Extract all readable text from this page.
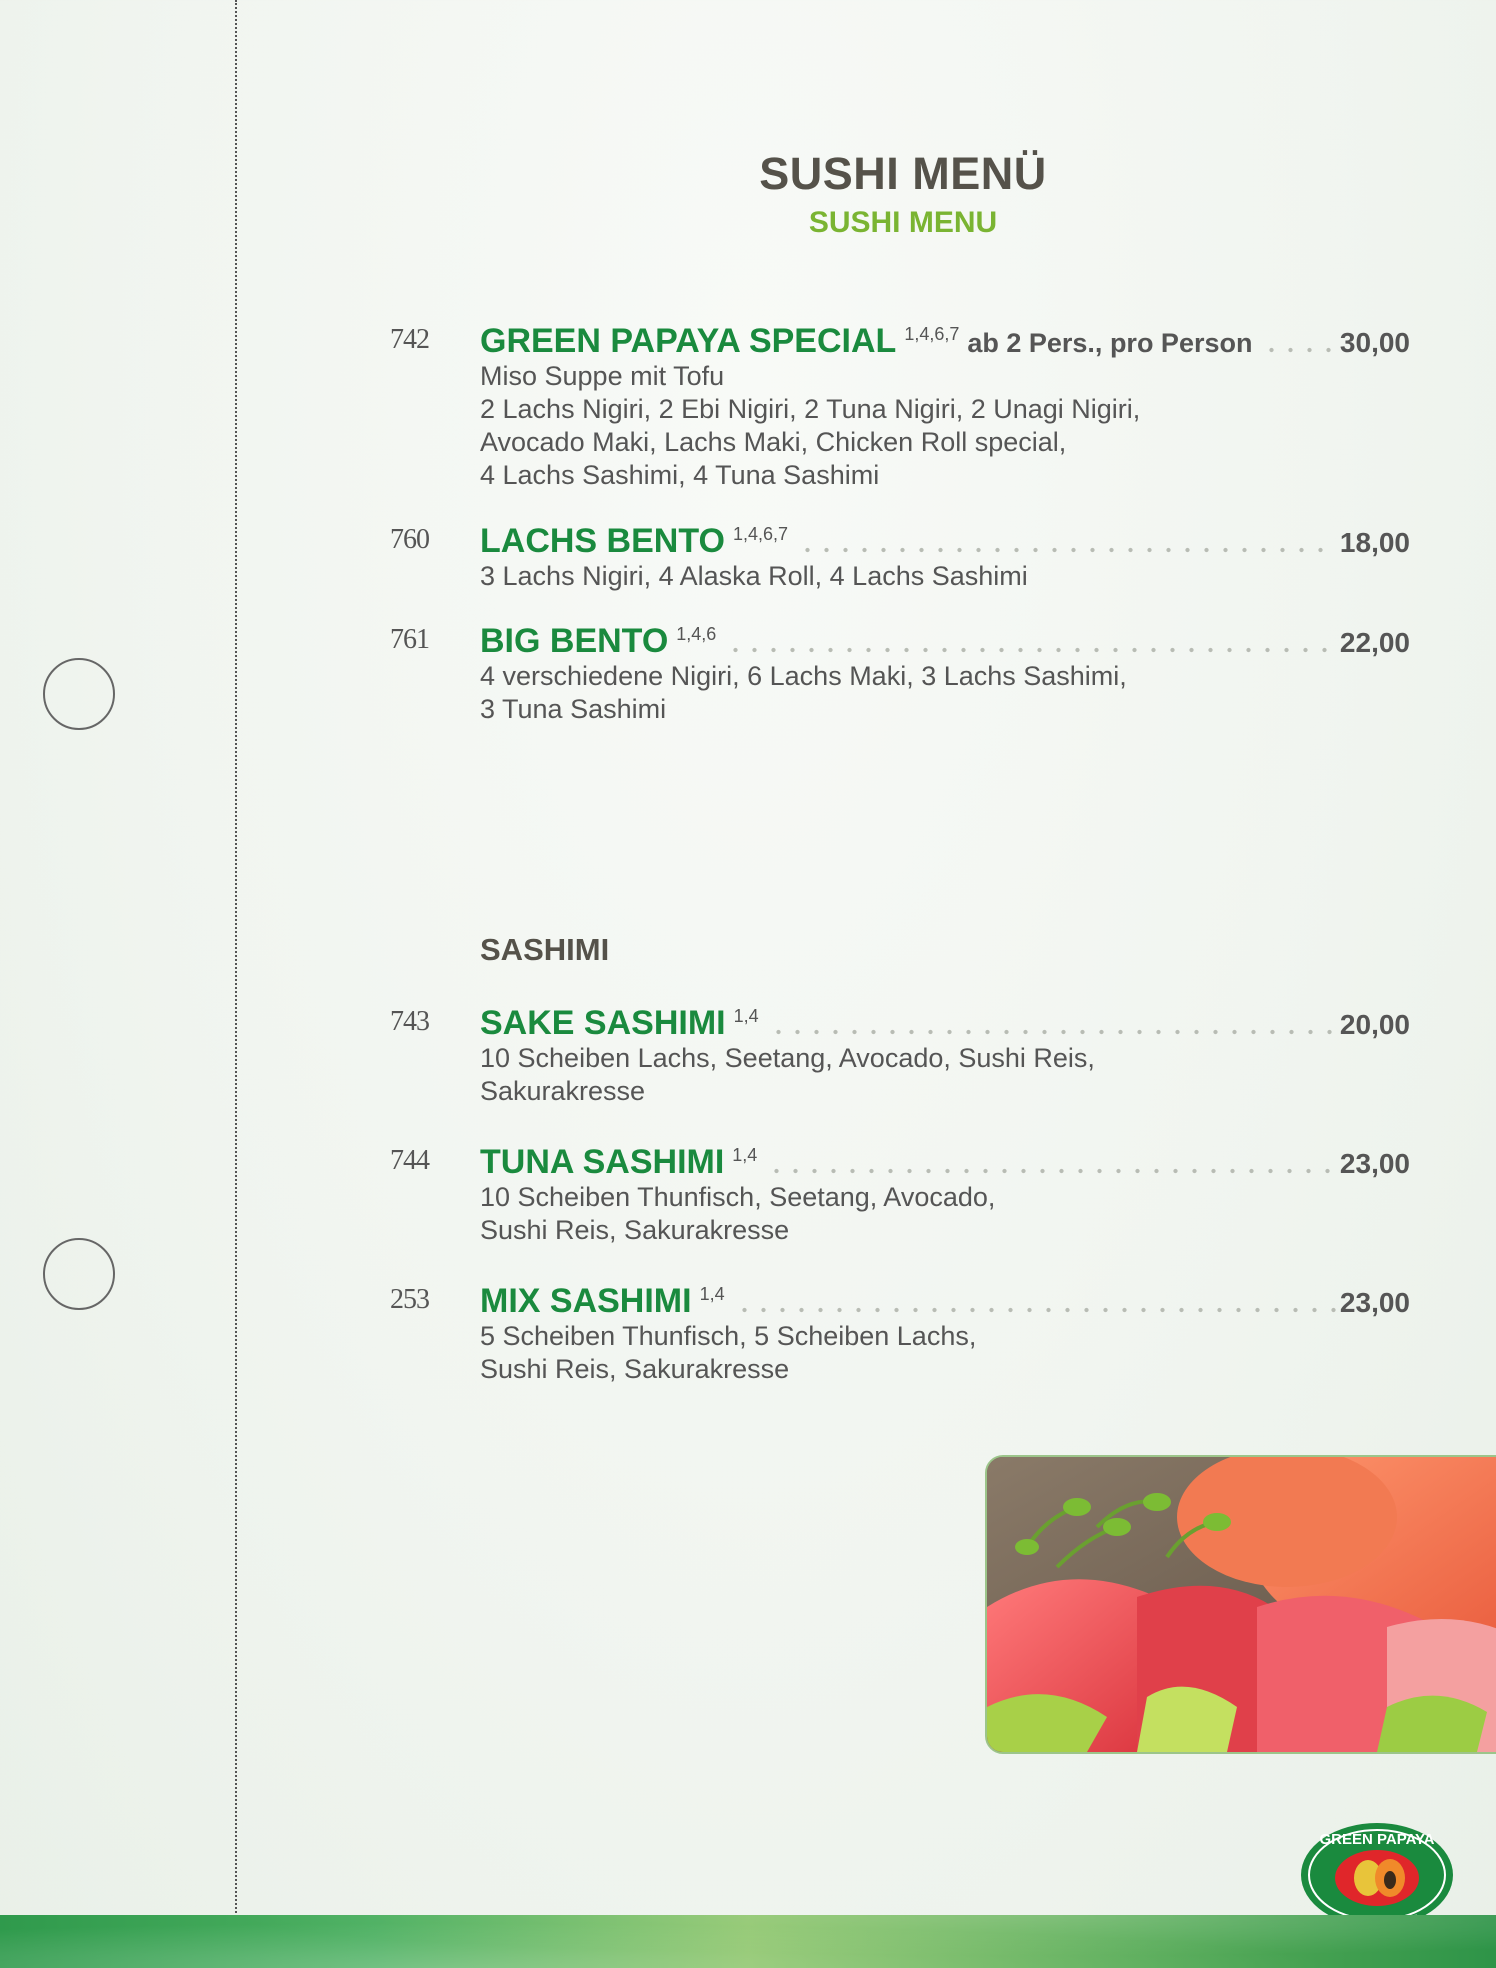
SUSHI MENÜ
SUSHI MENU
742	GREEN PAPAYA SPECIAL 1,4,6,7 ab 2 Pers., pro Person	30,00
Miso Suppe mit Tofu
2 Lachs Nigiri, 2 Ebi Nigiri, 2 Tuna Nigiri, 2 Unagi Nigiri,
Avocado Maki, Lachs Maki, Chicken Roll special,
4 Lachs Sashimi, 4 Tuna Sashimi
760	LACHS BENTO 1,4,6,7	18,00
3 Lachs Nigiri, 4 Alaska Roll, 4 Lachs Sashimi
761	BIG BENTO 1,4,6	22,00
4 verschiedene Nigiri, 6 Lachs Maki, 3 Lachs Sashimi,
3 Tuna Sashimi
SASHIMI
743	SAKE SASHIMI 1,4	20,00
10 Scheiben Lachs, Seetang, Avocado, Sushi Reis,
Sakurakresse
744	TUNA SASHIMI 1,4	23,00
10 Scheiben Thunfisch, Seetang, Avocado,
Sushi Reis, Sakurakresse
253	MIX SASHIMI 1,4	23,00
5 Scheiben Thunfisch, 5 Scheiben Lachs,
Sushi Reis, Sakurakresse
GREEN PAPAYA
